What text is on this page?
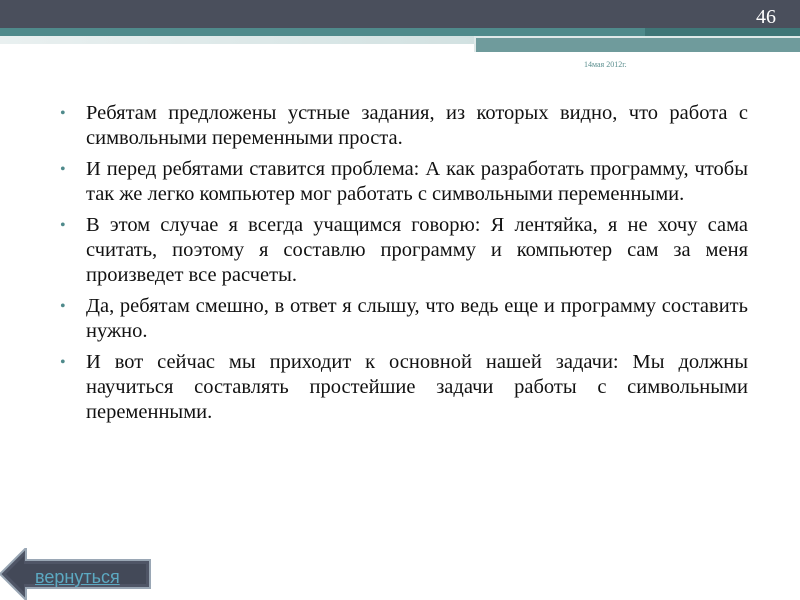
46
14мая 2012г.
• Ребятам предложены устные задания, из которых видно, что работа с символьными переменными проста.
• И перед ребятами ставится проблема: А как разработать программу, чтобы так же легко компьютер мог работать с символьными переменными.
• В этом случае я всегда учащимся говорю: Я лентяйка, я не хочу сама считать, поэтому я составлю программу и компьютер сам за меня произведет все расчеты.
• Да, ребятам смешно, в ответ я слышу, что ведь еще и программу составить нужно.
• И вот сейчас мы приходит к основной нашей задачи: Мы должны научиться составлять простейшие задачи работы с символьными переменными.
вернуться
